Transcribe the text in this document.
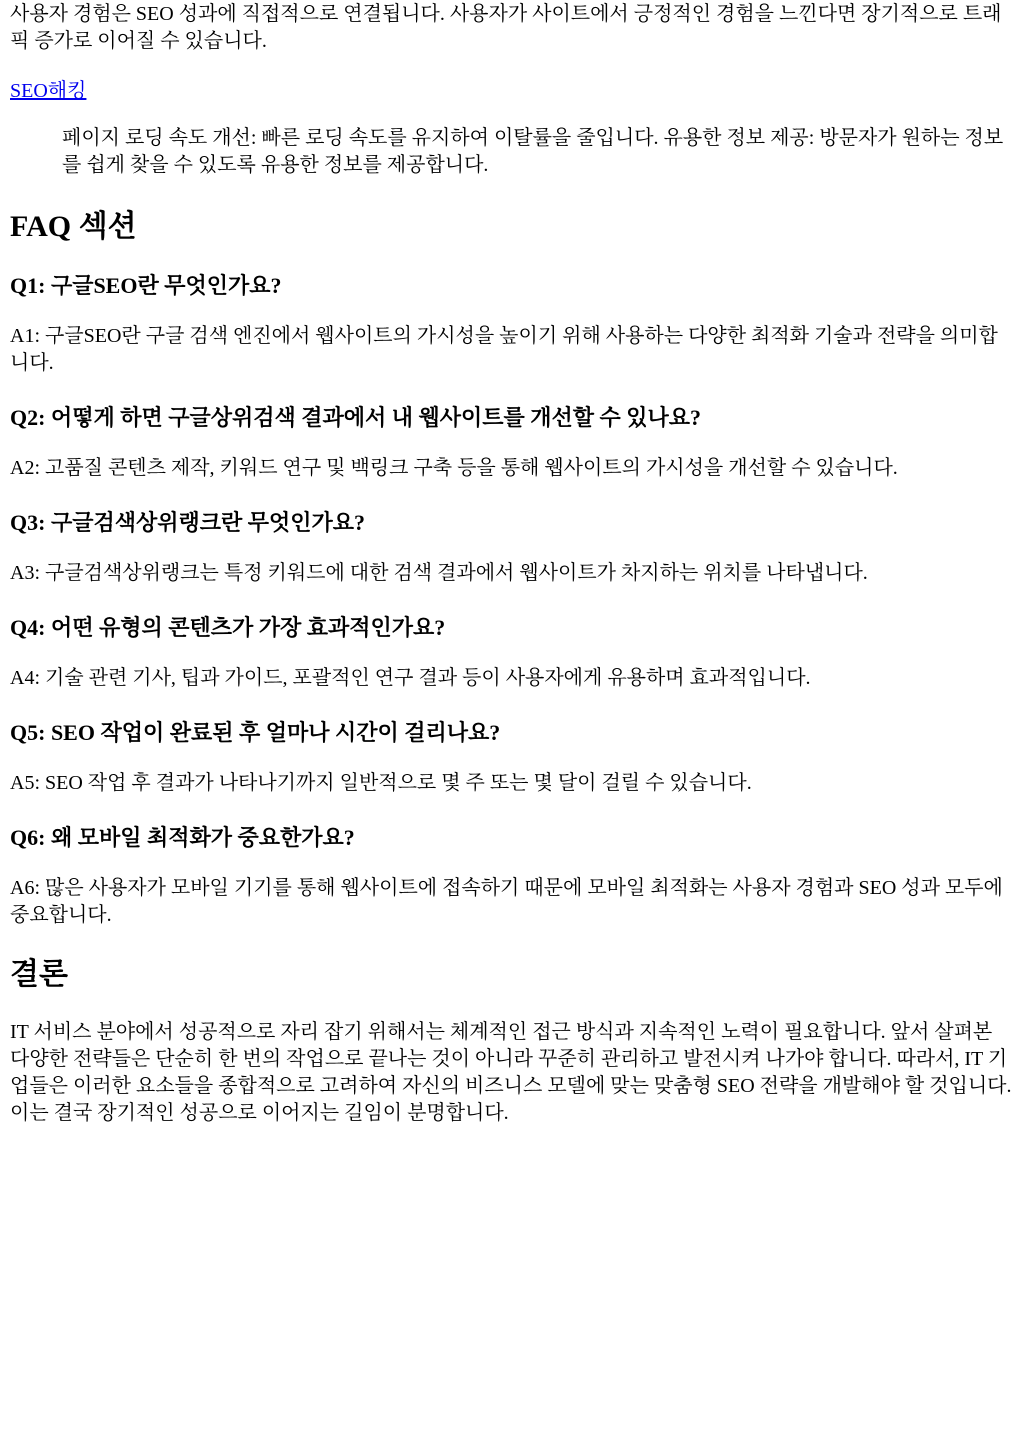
사용자 경험은 SEO 성과에 직접적으로 연결됩니다. 사용자가 사이트에서 긍정적인 경험을 느낀다면 장기적으로 트래픽 증가로 이어질 수 있습니다.

SEO해킹

페이지 로딩 속도 개선: 빠른 로딩 속도를 유지하여 이탈률을 줄입니다. 유용한 정보 제공: 방문자가 원하는 정보를 쉽게 찾을 수 있도록 유용한 정보를 제공합니다.
FAQ 섹션
Q1: 구글SEO란 무엇인가요?

A1: 구글SEO란 구글 검색 엔진에서 웹사이트의 가시성을 높이기 위해 사용하는 다양한 최적화 기술과 전략을 의미합니다.

Q2: 어떻게 하면 구글상위검색 결과에서 내 웹사이트를 개선할 수 있나요?

A2: 고품질 콘텐츠 제작, 키워드 연구 및 백링크 구축 등을 통해 웹사이트의 가시성을 개선할 수 있습니다.

Q3: 구글검색상위랭크란 무엇인가요?

A3: 구글검색상위랭크는 특정 키워드에 대한 검색 결과에서 웹사이트가 차지하는 위치를 나타냅니다.

Q4: 어떤 유형의 콘텐츠가 가장 효과적인가요?

A4: 기술 관련 기사, 팁과 가이드, 포괄적인 연구 결과 등이 사용자에게 유용하며 효과적입니다.

Q5: SEO 작업이 완료된 후 얼마나 시간이 걸리나요?

A5: SEO 작업 후 결과가 나타나기까지 일반적으로 몇 주 또는 몇 달이 걸릴 수 있습니다.

Q6: 왜 모바일 최적화가 중요한가요?

A6: 많은 사용자가 모바일 기기를 통해 웹사이트에 접속하기 때문에 모바일 최적화는 사용자 경험과 SEO 성과 모두에 중요합니다.

결론

IT 서비스 분야에서 성공적으로 자리 잡기 위해서는 체계적인 접근 방식과 지속적인 노력이 필요합니다. 앞서 살펴본 다양한 전략들은 단순히 한 번의 작업으로 끝나는 것이 아니라 꾸준히 관리하고 발전시켜 나가야 합니다. 따라서, IT 기업들은 이러한 요소들을 종합적으로 고려하여 자신의 비즈니스 모델에 맞는 맞춤형 SEO 전략을 개발해야 할 것입니다. 이는 결국 장기적인 성공으로 이어지는 길임이 분명합니다.
